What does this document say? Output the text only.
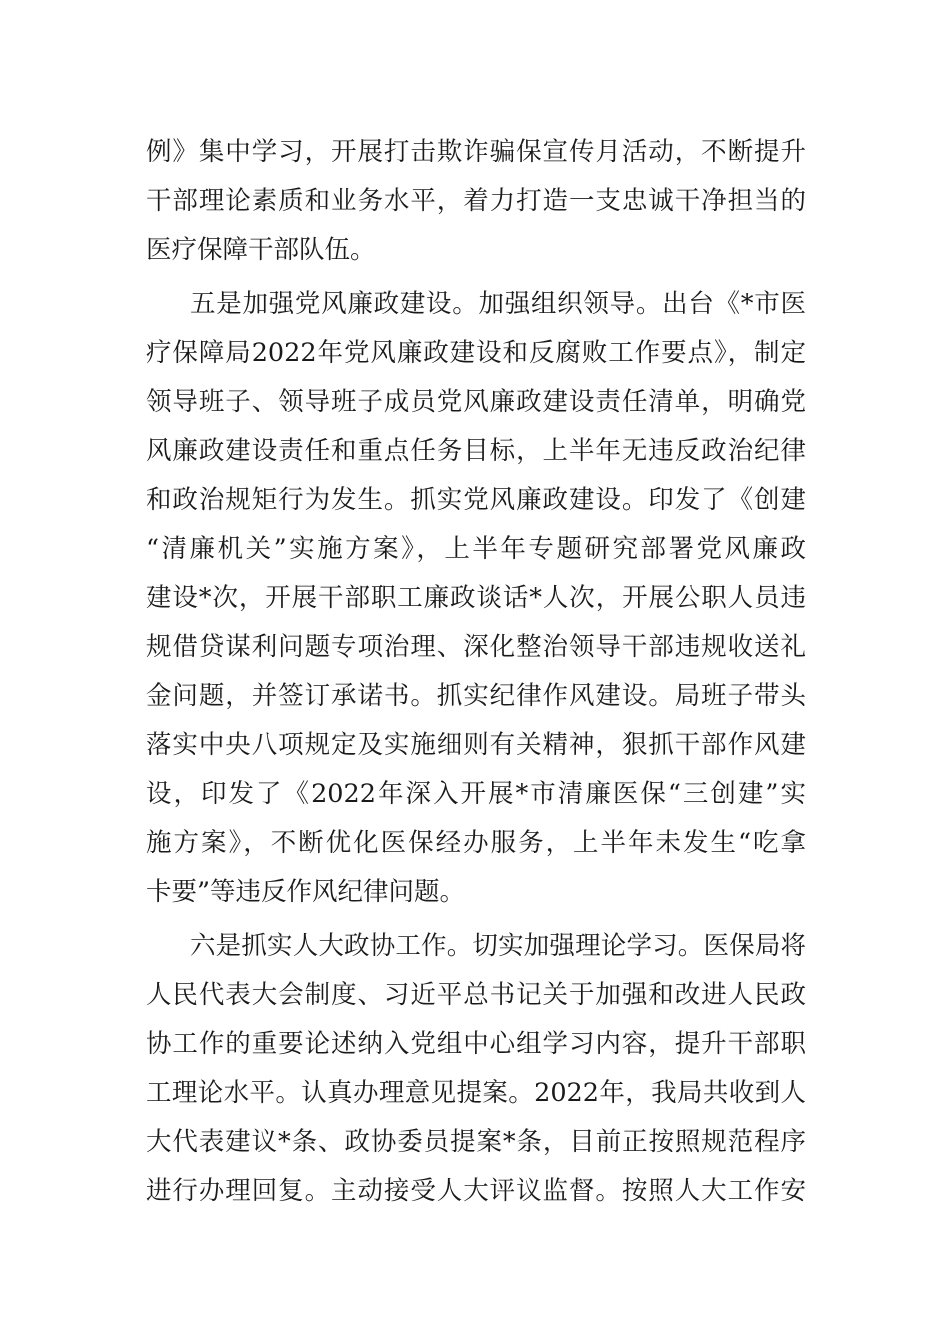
例》集中学习，开展打击欺诈骗保宣传月活动，不断提升
干部理论素质和业务水平，着力打造一支忠诚干净担当的
医疗保障干部队伍。
五是加强党风廉政建设。加强组织领导。出台《*市医
疗保障局2022年党风廉政建设和反腐败工作要点》，制定
领导班子、领导班子成员党风廉政建设责任清单，明确党
风廉政建设责任和重点任务目标，上半年无违反政治纪律
和政治规矩行为发生。抓实党风廉政建设。印发了《创建
“清廉机关”实施方案》，上半年专题研究部署党风廉政
建设*次，开展干部职工廉政谈话*人次，开展公职人员违
规借贷谋利问题专项治理、深化整治领导干部违规收送礼
金问题，并签订承诺书。抓实纪律作风建设。局班子带头
落实中央八项规定及实施细则有关精神，狠抓干部作风建
设，印发了《2022年深入开展*市清廉医保“三创建”实
施方案》，不断优化医保经办服务，上半年未发生“吃拿
卡要”等违反作风纪律问题。
六是抓实人大政协工作。切实加强理论学习。医保局将
人民代表大会制度、习近平总书记关于加强和改进人民政
协工作的重要论述纳入党组中心组学习内容，提升干部职
工理论水平。认真办理意见提案。2022年，我局共收到人
大代表建议*条、政协委员提案*条，目前正按照规范程序
进行办理回复。主动接受人大评议监督。按照人大工作安
